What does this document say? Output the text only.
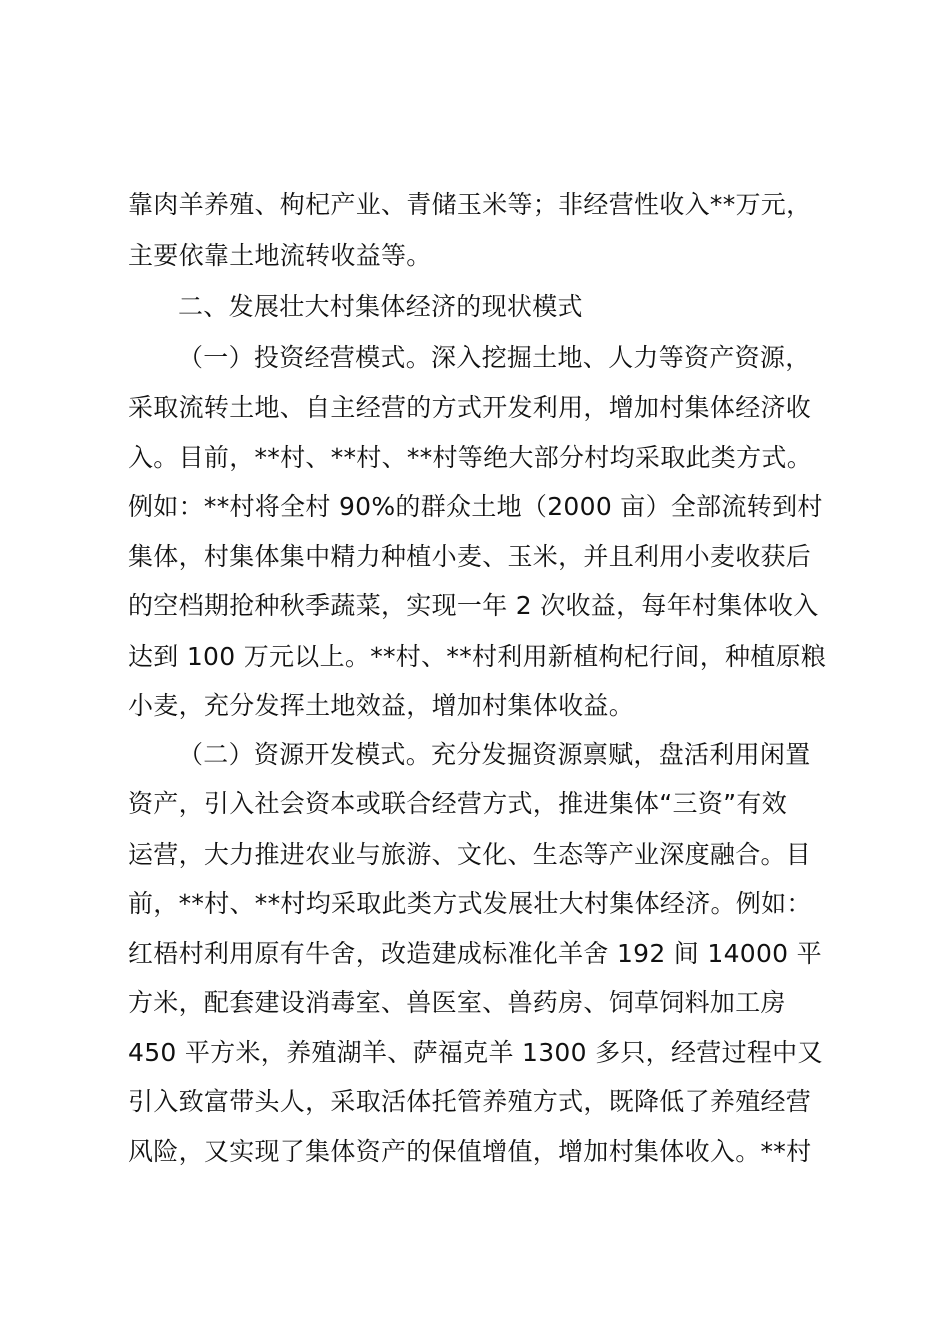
靠肉羊养殖、枸杞产业、青储玉米等；非经营性收入**万元，
主要依靠土地流转收益等。
二、发展壮大村集体经济的现状模式
（一）投资经营模式。深入挖掘土地、人力等资产资源，
采取流转土地、自主经营的方式开发利用，增加村集体经济收
入。目前，**村、**村、**村等绝大部分村均采取此类方式。
例如：**村将全村 90%的群众土地（2000 亩）全部流转到村
集体，村集体集中精力种植小麦、玉米，并且利用小麦收获后
的空档期抢种秋季蔬菜，实现一年 2 次收益，每年村集体收入
达到 100 万元以上。**村、**村利用新植枸杞行间，种植原粮
小麦，充分发挥土地效益，增加村集体收益。
（二）资源开发模式。充分发掘资源禀赋，盘活利用闲置
资产，引入社会资本或联合经营方式，推进集体“三资”有效
运营，大力推进农业与旅游、文化、生态等产业深度融合。目
前，**村、**村均采取此类方式发展壮大村集体经济。例如：
红梧村利用原有牛舍，改造建成标准化羊舍 192 间 14000 平
方米，配套建设消毒室、兽医室、兽药房、饲草饲料加工房
450 平方米，养殖湖羊、萨福克羊 1300 多只，经营过程中又
引入致富带头人，采取活体托管养殖方式，既降低了养殖经营
风险，又实现了集体资产的保值增值，增加村集体收入。**村
